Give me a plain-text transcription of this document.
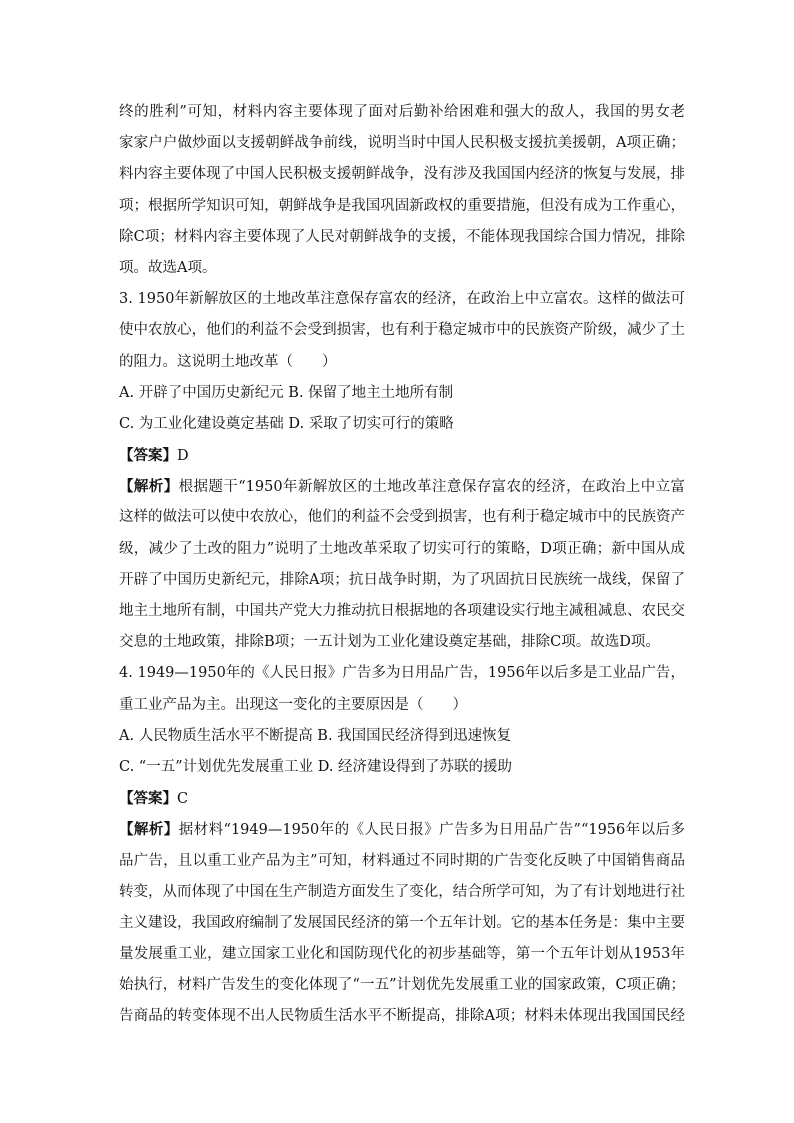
终的胜利”可知，材料内容主要体现了面对后勤补给困难和强大的敌人，我国的男女老
家家户户做炒面以支援朝鲜战争前线，说明当时中国人民积极支援抗美援朝，A项正确；
料内容主要体现了中国人民积极支援朝鲜战争，没有涉及我国国内经济的恢复与发展，排
项；根据所学知识可知，朝鲜战争是我国巩固新政权的重要措施，但没有成为工作重心，
除C项；材料内容主要体现了人民对朝鲜战争的支援，不能体现我国综合国力情况，排除
项。故选A项。
3. 1950年新解放区的土地改革注意保存富农的经济，在政治上中立富农。这样的做法可
使中农放心，他们的利益不会受到损害，也有利于稳定城市中的民族资产阶级，减少了土
的阻力。这说明土地改革（　　）
A. 开辟了中国历史新纪元 B. 保留了地主土地所有制
C. 为工业化建设奠定基础 D. 采取了切实可行的策略
【答案】D
【解析】根据题干“1950年新解放区的土地改革注意保存富农的经济，在政治上中立富
这样的做法可以使中农放心，他们的利益不会受到损害，也有利于稳定城市中的民族资产
级，减少了土改的阻力”说明了土地改革采取了切实可行的策略，D项正确；新中国从成
开辟了中国历史新纪元，排除A项；抗日战争时期，为了巩固抗日民族统一战线，保留了
地主土地所有制，中国共产党大力推动抗日根据地的各项建设实行地主减租减息、农民交
交息的土地政策，排除B项；一五计划为工业化建设奠定基础，排除C项。故选D项。
4. 1949—1950年的《人民日报》广告多为日用品广告，1956年以后多是工业品广告，
重工业产品为主。出现这一变化的主要原因是（　　）
A. 人民物质生活水平不断提高 B. 我国国民经济得到迅速恢复
C. “一五”计划优先发展重工业 D. 经济建设得到了苏联的援助
【答案】C
【解析】据材料“1949—1950年的《人民日报》广告多为日用品广告”“1956年以后多
品广告，且以重工业产品为主”可知，材料通过不同时期的广告变化反映了中国销售商品
转变，从而体现了中国在生产制造方面发生了变化，结合所学可知，为了有计划地进行社
主义建设，我国政府编制了发展国民经济的第一个五年计划。它的基本任务是：集中主要
量发展重工业，建立国家工业化和国防现代化的初步基础等，第一个五年计划从1953年
始执行，材料广告发生的变化体现了“一五”计划优先发展重工业的国家政策，C项正确；
告商品的转变体现不出人民物质生活水平不断提高，排除A项；材料未体现出我国国民经
